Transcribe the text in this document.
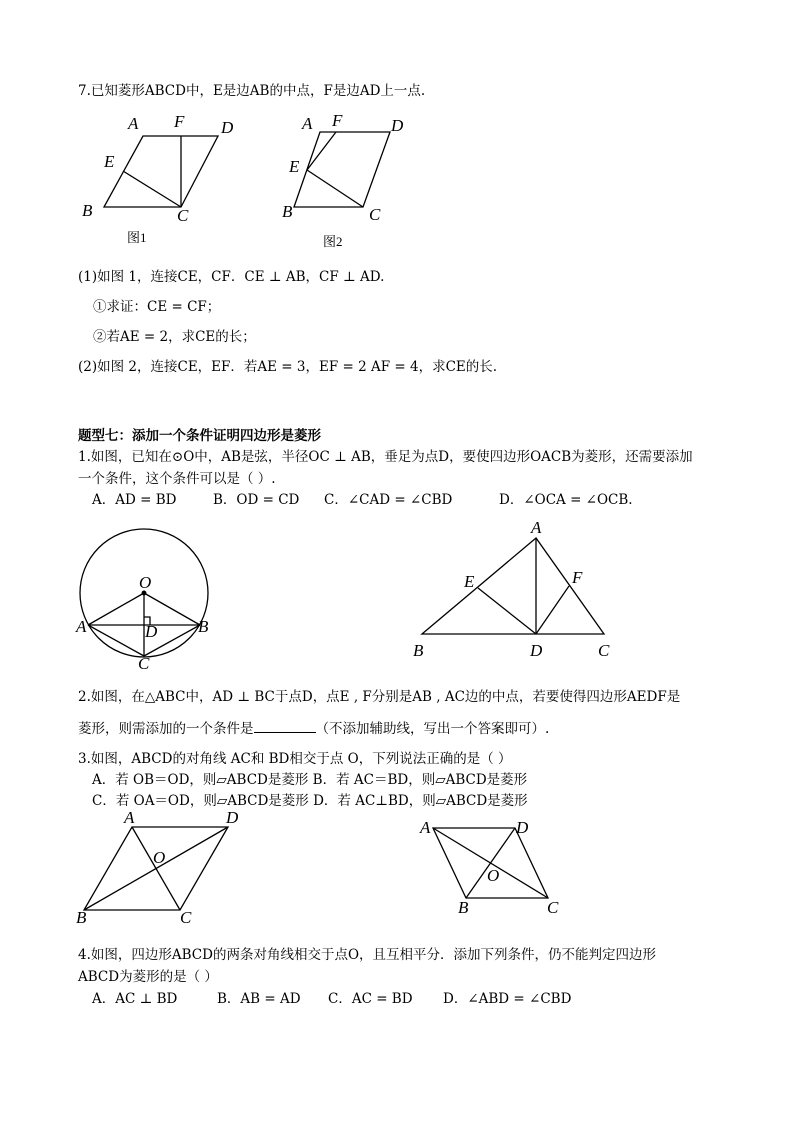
7.已知菱形ABCD中，E是边AB的中点，F是边AD上一点.
A F D
E
B	C
图1
A F	D
E
B	C
图2
(1)如图 1，连接CE，CF．CE ⊥ AB，CF ⊥ AD.
①求证：CE = CF；
②若AE = 2，求CE的长；
(2)如图 2，连接CE，EF．若AE = 3，EF = 2 AF = 4，求CE的长.
题型七：添加一个条件证明四边形是菱形
1.如图，已知在⊙O中，AB是弦，半径OC ⊥ AB，垂足为点D，要使四边形OACB为菱形，还需要添加
一个条件，这个条件可以是（ ）.
A．AD = BD	B．OD = CD C．∠CAD = ∠CBD	D．∠OCA = ∠OCB.
O
A	D B
C
A
E	F
B	D	C
2.如图，在△ABC中，AD ⊥ BC于点D，点E , F分别是AB , AC边的中点，若要使得四边形AEDF是
菱形，则需添加的一个条件是	（不添加辅助线，写出一个答案即可）.
3.如图，ABCD的对角线 AC和 BD相交于点 O，下列说法正确的是（ ）
A．若 OB＝OD，则▱ABCD是菱形 B．若 AC＝BD，则▱ABCD是菱形
C．若 OA＝OD，则▱ABCD是菱形 D．若 AC⊥BD，则▱ABCD是菱形
A	D
O
B	C
A	D
O
B	C
4.如图，四边形ABCD的两条对角线相交于点O，且互相平分．添加下列条件，仍不能判定四边形
ABCD为菱形的是（ ）
A．AC ⊥ BD	B．AB = AD C．AC = BD D．∠ABD = ∠CBD
